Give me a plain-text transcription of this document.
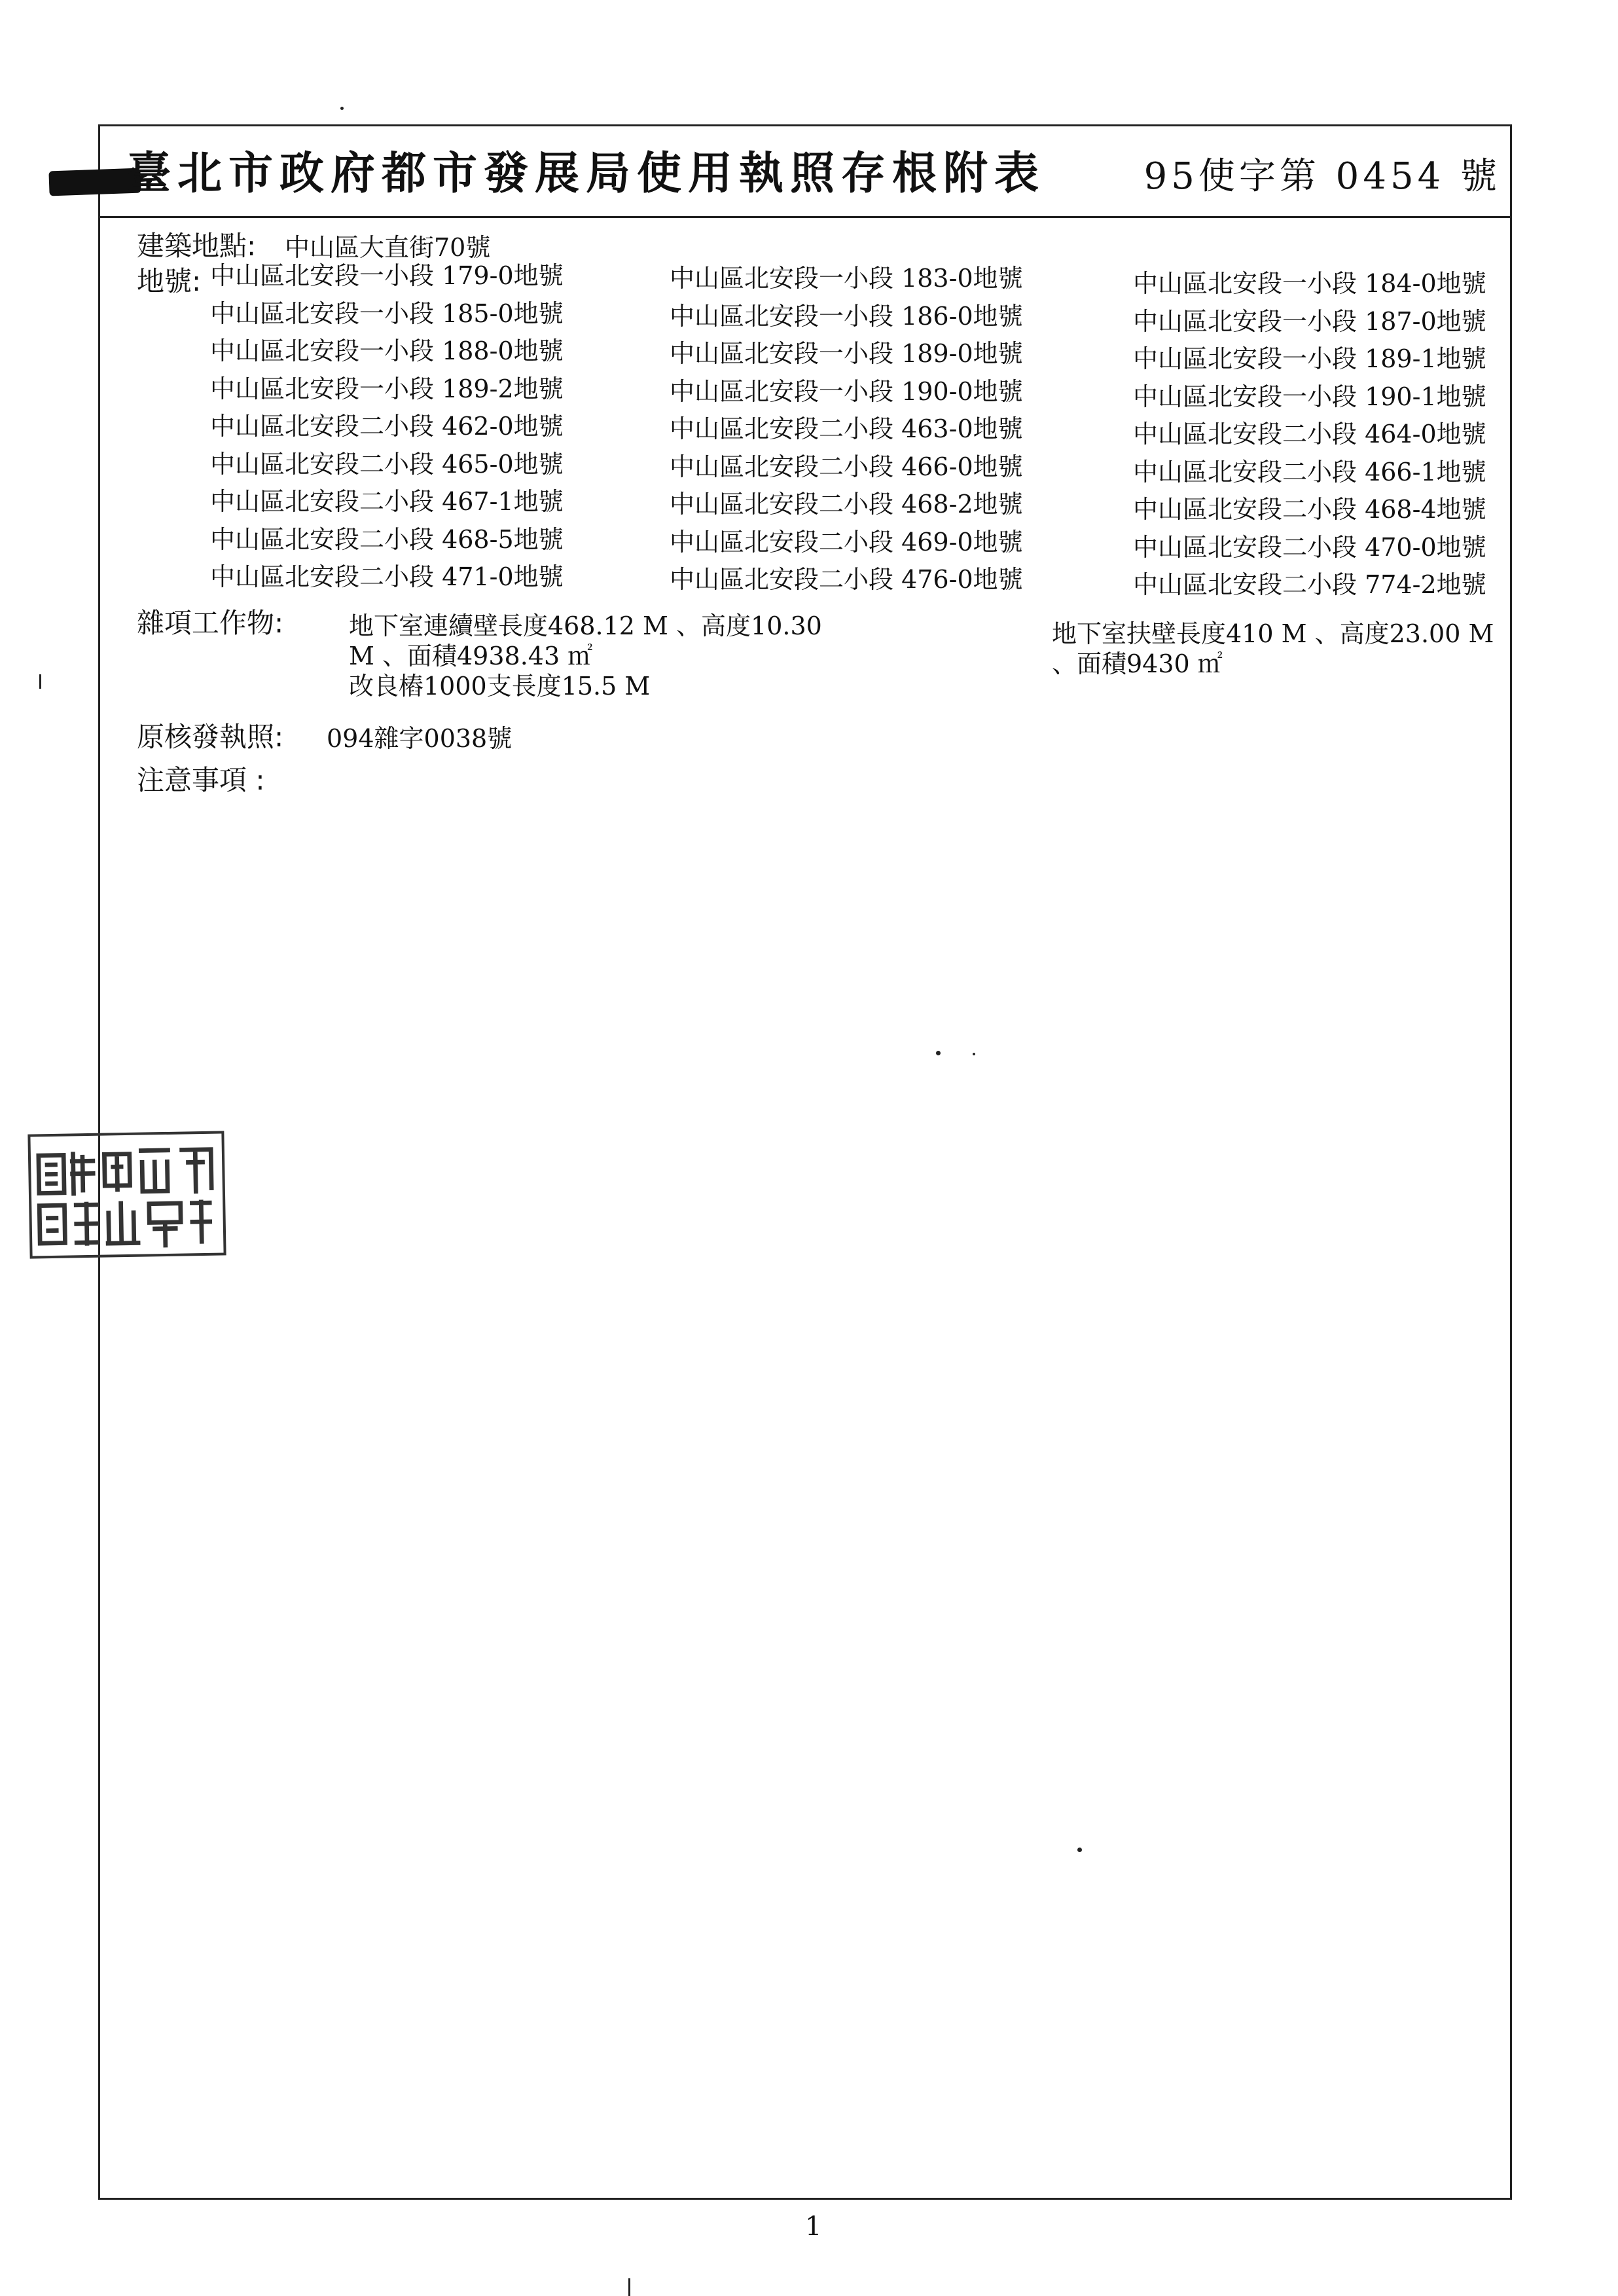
臺北市政府都市發展局使用執照存根附表	95使字第 0454 號
建築地點: 中山區大直街70號
地號: 中山區北安段一小段 179-0地號
中山區北安段一小段 185-0地號
中山區北安段一小段 188-0地號
中山區北安段一小段 189-2地號
中山區北安段二小段 462-0地號
中山區北安段二小段 465-0地號
中山區北安段二小段 467-1地號
中山區北安段二小段 468-5地號
中山區北安段二小段 471-0地號
中山區北安段一小段 183-0地號
中山區北安段一小段 186-0地號
中山區北安段一小段 189-0地號
中山區北安段一小段 190-0地號
中山區北安段二小段 463-0地號
中山區北安段二小段 466-0地號
中山區北安段二小段 468-2地號
中山區北安段二小段 469-0地號
中山區北安段二小段 476-0地號
中山區北安段一小段 184-0地號
中山區北安段一小段 187-0地號
中山區北安段一小段 189-1地號
中山區北安段一小段 190-1地號
中山區北安段二小段 464-0地號
中山區北安段二小段 466-1地號
中山區北安段二小段 468-4地號
中山區北安段二小段 470-0地號
中山區北安段二小段 774-2地號
雜項工作物:	地下室連續壁長度468.12 M 、高度10.30
M 、面積4938.43 ㎡
改良樁1000支長度15.5 M
地下室扶壁長度410 M 、高度23.00 M
、面積9430 ㎡
原核發執照: 094雜字0038號
注意事項 :
1
